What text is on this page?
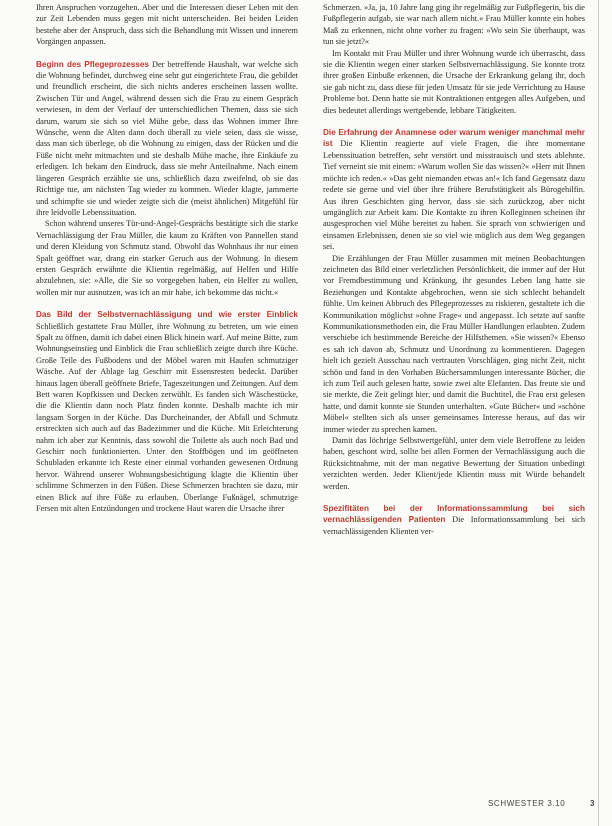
Ihren Anspruchen vorzugehen. Aber und die Interessen dieser Leben mit den zur Zeit Lebenden muss gegen mit nicht unterscheiden. Bei beiden Leiden bestehe aber der Anspruch, dass sich die Behandlung mit Wissen und innerem Vorgängen anpassen.

Beginn des Pflegeprozesses Der betreffende Haushalt, war welche sich die Wohnung befindet, durchweg eine sehr gut eingerichtete Frau, die gebildet und freundlich erscheint, die sich nichts anderes erscheinen lassen wollte. Zwischen Tür und Angel, während dessen sich die Frau zu einem Gespräch verwiesen, in dem der Verlauf der unterschiedlichen Themen, dass sie sich darum, warum sie sich so viel Mühe gebe, dass das Wohnen immer Ihre Wünsche, wenn die Alten dann doch überall zu viele seien, dass sie wisse, dass man sich überlege, ob die Wohnung zu einigen, dass der Rücken und die Füße nicht mehr mitmachten und sie deshalb Mühe mache, ihre Einkäufe zu erledigen. Ich bekam den Eindruck, dass sie mehr Anteilnahme. Nach einem längeren Gespräch erzählte sie uns, schließlich dazu zweifelnd, ob sie das Richtige tue, am nächsten Tag wieder zu kommen. Wieder klagte, jammerte und schimpfte sie und wieder zeigte sich die (meist ähnlichen) Mitgefühl für ihre leidvolle Lebenssituation.

Schon während unseres Tür-und-Angel-Gesprächs bestätigte sich die starke Vernachlässigung der Frau Müller, die kaum zu Kräften von Pannellen stand und deren Kleidung von Schmutz stand. Obwohl das Wohnhaus ihr nur einen Spalt geöffnet war, drang ein starker Geruch aus der Wohnung. In diesem ersten Gespräch erwähnte die Klientin regelmäßig, auf Helfen und Hilfe abzulehnen, sie: »Alle, die Sie so vorgegeben haben, ein Helfer zu wollen, wollen mir nur ausnutzen, was ich an mir habe, ich bekomme das nicht.«

Das Bild der Selbstvernachlässigung und wie erster Einblick Schließlich gestattete Frau Müller, ihre Wohnung zu betreten, um wie einen Spalt zu öffnen, damit ich dabei einen Blick hinein warf. Auf meine Bitte, zum Wohnungseinstieg und Einblick die Frau schließlich zeigte durch ihre Küche. Große Teile des Fußbodens und der Möbel waren mit Haufen schmutziger Wäsche. Auf der Ablage lag Geschirr mit Essensresten bedeckt. Darüber hinaus lagen überall geöffnete Briefe, Tageszeitungen und Zeitungen. Auf dem Bett waren Kopfkissen und Decken zerwühlt. Es fanden sich Wäschestücke, die die Klientin dann noch Platz finden konnte. Deshalb machte ich mir langsam Sorgen in der Küche. Das Durcheinander, der Abfall und Schmutz erstreckten sich auch auf das Badezimmer und die Küche. Mit Erleichterung nahm ich aber zur Kenntnis, dass sowohl die Toilette als auch noch Bad und Geschirr noch funktionierten. Unter den Stoffbögen und im geöffneten Schubladen erkannte ich Reste einer einmal vorhanden gewesenen Ordnung hervor. Während unserer Wohnungsbesichtigung klagte die Klientin über schlimme Schmerzen in den Füßen. Diese Schmerzen brachten sie dazu, mir einen Blick auf ihre Füße zu erlauben. Überlange Fußnägel, schmutzige Fersen mit alten Entzündungen und trockene Haut waren die Ursache ihrer

Schmerzen. »Ja, ja, 10 Jahre lang ging ihr regelmäßig zur Fußpflegerin, bis die Fußpflegerin aufgab, sie war nach allem nicht.« Frau Müller konnte ein hohes Maß zu erkennen, nicht ohne vorher zu fragen: »Wo sein Sie überhaupt, was tun sie jetzt?«

Im Kontakt mit Frau Müller und ihrer Wohnung wurde ich überrascht, dass sie die Klientin wegen einer starken Selbstvernachlässigung. Sie konnte trotz ihrer großen Einbuße erkennen, die Ursache der Erkrankung gelang ihr, doch sie gab nicht zu, dass diese für jeden Umsatz für sie jede Verrichtung zu Hause Probleme bot. Denn hatte sie mit Kontraktionen entgegen alles Aufgeben, und dies bedeutet allerdings wertgebende, lebbare Tätigkeiten.

Die Erfahrung der Anamnese oder warum weniger manchmal mehr ist Die Klientin reagierte auf viele Fragen, die ihre momentane Lebenssituation betreffen, sehr verstört und misstrauisch und stets ablehnte. Tief verneint sie mit einem: »Warum wollen Sie das wissen?« »Herr mit Ihnen möchte ich reden.« »Das geht niemanden etwas an!« Ich fand Gegensatz dazu redete sie gerne und viel über ihre frühere Berufstätigkeit als Bürogehilfin. Aus ihren Geschichten ging hervor, dass sie sich zurückzog, aber nicht umgänglich zur Arbeit kam. Die Kontakte zu ihren Kolleginnen scheinen ihr ausgesprochen viel Mühe bereitet zu haben. Sie sprach von schwierigen und einsamen Erlebnissen, denen sie so viel wie möglich aus dem Weg gegangen sei.

Die Erzählungen der Frau Müller zusammen mit meinen Beobachtungen zeichneten das Bild einer verletzlichen Persönlichkeit, die immer auf der Hut vor Fremdbestimmung und Kränkung, ihr gesundes Leben lang hatte sie Beziehungen und Kontakte abgebrochen, wenn sie sich schlecht behandelt fühlte. Um keinen Abbruch des Pflegeprozesses zu riskieren, gestaltete ich die Kommunikation möglichst »ohne Frage« und angepasst. Ich setzte auf sanfte Kommunikationsmethoden ein, die Frau Müller Handlungen erlaubten. Zudem verschiebe ich bestimmende Bereiche der Hilfsthemen. »Sie wissen?« Ebenso es sah ich davon ab, Schmutz und Unordnung zu kommentieren. Dagegen hielt ich gezielt Ausschau nach vertrauten Vorschlägen, ging nicht Zeit, nicht schön und fand in den Vorhaben Büchersammlungen interessante Bücher, die ich zum Teil auch gelesen hatte, sowie zwei alte Elefanten. Das freute sie und sie merkte, die Zeit gelingt hier, und damit die Buchtitel, die Frau erst gelesen hatte, und damit konnte sie Stunden unterhalten. »Gute Bücher« und »schöne Möbel« stellten sich als unser gemeinsames Interesse heraus, auf das wir immer wieder zu sprechen kamen.

Damit das löchrige Selbstwertgefühl, unter dem viele Betroffene zu leiden haben, geschont wird, sollte bei allen Formen der Vernachlässigung auch die Rücksichtnahme, mit der man negative Bewertung der Situation unbedingt verzichten werden. Jeder Klient/jede Klientin muss mit Würde behandelt werden.

Spezifitäten bei der Informationssammlung bei sich vernachlässigenden Patienten Die Informationssammlung bei sich vernachlässigenden Klienten ver-

SCHWESTER 3.10	3
